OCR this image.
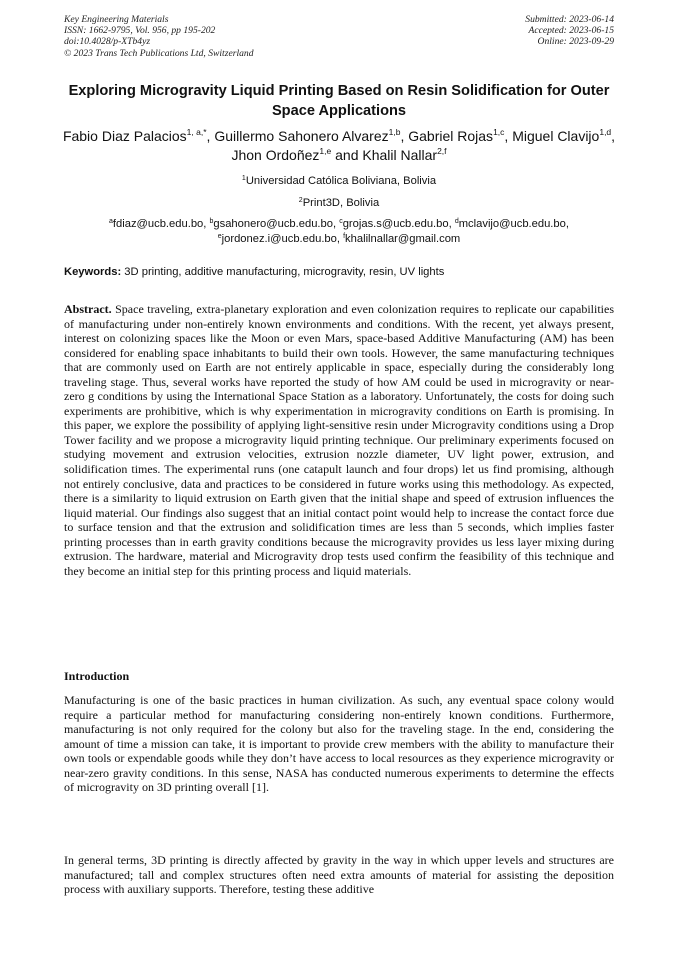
Key Engineering Materials
ISSN: 1662-9795, Vol. 956, pp 195-202
doi:10.4028/p-XTb4yz
© 2023 Trans Tech Publications Ltd, Switzerland
Submitted: 2023-06-14
Accepted: 2023-06-15
Online: 2023-09-29
Exploring Microgravity Liquid Printing Based on Resin Solidification for Outer Space Applications
Fabio Diaz Palacios$^{1, a,*}$, Guillermo Sahonero Alvarez$^{1,b}$, Gabriel Rojas$^{1,c}$, Miguel Clavijo$^{1,d}$, Jhon Ordoñez$^{1,e}$ and Khalil Nallar$^{2,f}$
$^1$Universidad Católica Boliviana, Bolivia
$^2$Print3D, Bolivia
$^a$fdiaz@ucb.edu.bo, $^b$gsahonero@ucb.edu.bo, $^c$grojas.s@ucb.edu.bo, $^d$mclavijo@ucb.edu.bo,
$^e$jordonez.i@ucb.edu.bo, $^f$khalilnallar@gmail.com
Keywords: 3D printing, additive manufacturing, microgravity, resin, UV lights
Abstract. Space traveling, extra-planetary exploration and even colonization requires to replicate our capabilities of manufacturing under non-entirely known environments and conditions. With the recent, yet always present, interest on colonizing spaces like the Moon or even Mars, space-based Additive Manufacturing (AM) has been considered for enabling space inhabitants to build their own tools. However, the same manufacturing techniques that are commonly used on Earth are not entirely applicable in space, especially during the considerably long traveling stage. Thus, several works have reported the study of how AM could be used in microgravity or near-zero g conditions by using the International Space Station as a laboratory. Unfortunately, the costs for doing such experiments are prohibitive, which is why experimentation in microgravity conditions on Earth is promising. In this paper, we explore the possibility of applying light-sensitive resin under Microgravity conditions using a Drop Tower facility and we propose a microgravity liquid printing technique. Our preliminary experiments focused on studying movement and extrusion velocities, extrusion nozzle diameter, UV light power, extrusion, and solidification times. The experimental runs (one catapult launch and four drops) let us find promising, although not entirely conclusive, data and practices to be considered in future works using this methodology. As expected, there is a similarity to liquid extrusion on Earth given that the initial shape and speed of extrusion influences the liquid material. Our findings also suggest that an initial contact point would help to increase the contact force due to surface tension and that the extrusion and solidification times are less than 5 seconds, which implies faster printing processes than in earth gravity conditions because the microgravity provides us less layer mixing during extrusion. The hardware, material and Microgravity drop tests used confirm the feasibility of this technique and they become an initial step for this printing process and liquid materials.
Introduction
Manufacturing is one of the basic practices in human civilization. As such, any eventual space colony would require a particular method for manufacturing considering non-entirely known conditions. Furthermore, manufacturing is not only required for the colony but also for the traveling stage. In the end, considering the amount of time a mission can take, it is important to provide crew members with the ability to manufacture their own tools or expendable goods while they don’t have access to local resources as they experience microgravity or near-zero gravity conditions. In this sense, NASA has conducted numerous experiments to determine the effects of microgravity on 3D printing overall [1].
In general terms, 3D printing is directly affected by gravity in the way in which upper levels and structures are manufactured; tall and complex structures often need extra amounts of material for assisting the deposition process with auxiliary supports. Therefore, testing these additive
